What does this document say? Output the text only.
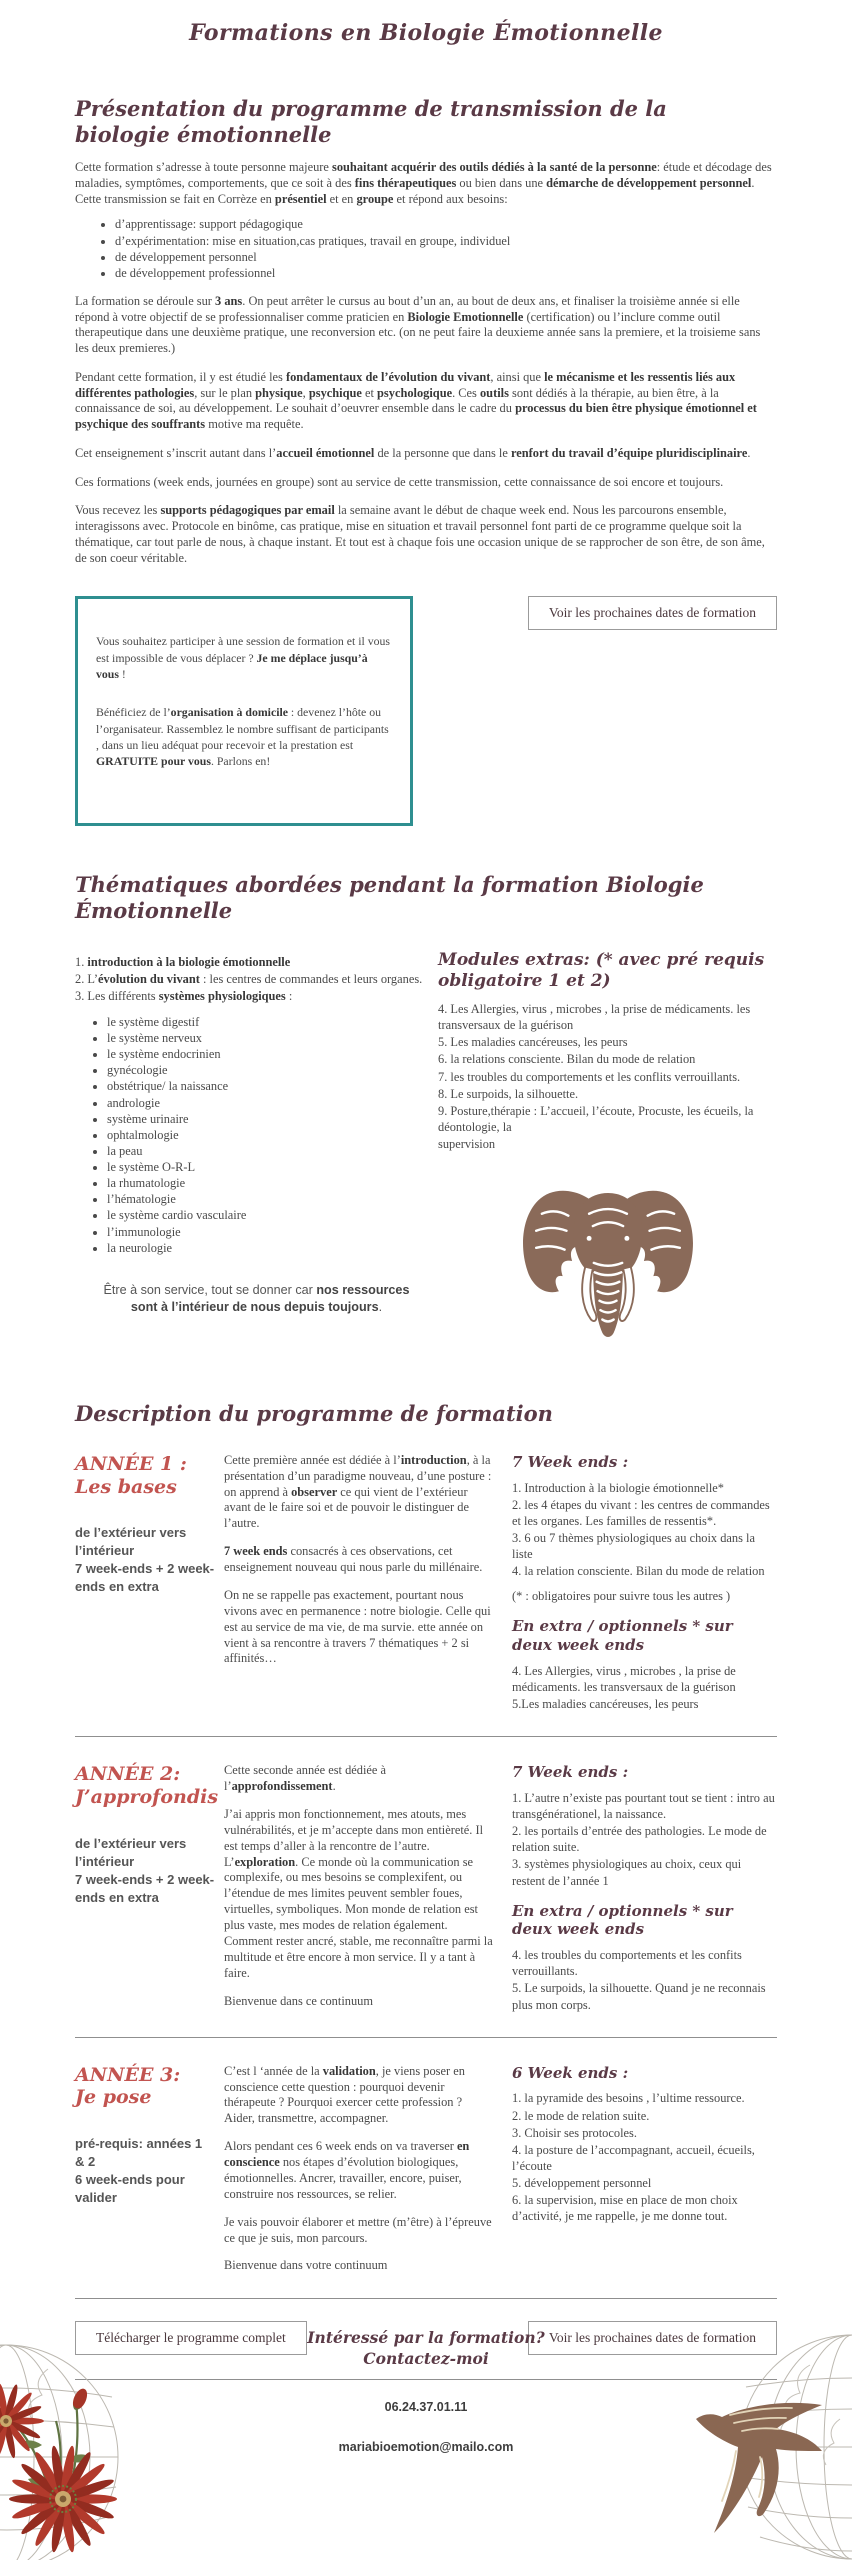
Formations en Biologie Émotionnelle
Présentation du programme de transmission de la biologie émotionnelle

Cette formation s’adresse à toute personne majeure souhaitant acquérir des outils dédiés à la santé de la personne: étude et décodage des maladies, symptômes, comportements, que ce soit à des fins thérapeutiques ou bien dans une démarche de développement personnel. Cette transmission se fait en Corrèze en présentiel et en groupe et répond aux besoins:

• d’apprentissage: support pédagogique
• d’expérimentation: mise en situation,cas pratiques, travail en groupe, individuel
• de développement personnel
• de développement professionnel

La formation se déroule sur 3 ans. On peut arrêter le cursus au bout d’un an, au bout de deux ans, et finaliser la troisième année si elle répond à votre objectif de se professionnaliser comme praticien en Biologie Emotionnelle (certification) ou l’inclure comme outil therapeutique dans une deuxième pratique, une reconversion etc. (on ne peut faire la deuxieme année sans la premiere, et la troisieme sans les deux premieres.)

Pendant cette formation, il y est étudié les fondamentaux de l’évolution du vivant, ainsi que le mécanisme et les ressentis liés aux différentes pathologies, sur le plan physique, psychique et psychologique. Ces outils sont dédiés à la thérapie, au bien être, à la connaissance de soi, au développement. Le souhait d’oeuvrer ensemble dans le cadre du processus du bien être physique émotionnel et psychique des souffrants motive ma requête.

Cet enseignement s’inscrit autant dans l’accueil émotionnel de la personne que dans le renfort du travail d’équipe pluridisciplinaire.

Ces formations (week ends, journées en groupe) sont au service de cette transmission, cette connaissance de soi encore et toujours.

Vous recevez les supports pédagogiques par email la semaine avant le début de chaque week end. Nous les parcourons ensemble, interagissons avec. Protocole en binôme, cas pratique, mise en situation et travail personnel font parti de ce programme quelque soit la thématique, car tout parle de nous, à chaque instant. Et tout est à chaque fois une occasion unique de se rapprocher de son être, de son âme, de son coeur véritable.

Vous souhaitez participer à une session de formation et il vous est impossible de vous déplacer ? Je me déplace jusqu’à vous !

Bénéficiez de l’organisation à domicile : devenez l’hôte ou l’organisateur. Rassemblez le nombre suffisant de participants , dans un lieu adéquat pour recevoir et la prestation est GRATUITE pour vous. Parlons en!

Voir les prochaines dates de formation
Thématiques abordées pendant la formation Biologie Émotionnelle
1. introduction à la biologie émotionnelle
2. L’évolution du vivant : les centres de commandes et leurs organes.
3. Les différents systèmes physiologiques :
• le système digestif
• le système nerveux
• le système endocrinien
• gynécologie
• obstétrique/ la naissance
• andrologie
• système urinaire
• ophtalmologie
• la peau
• le système O-R-L
• la rhumatologie
• l’hématologie
• le système cardio vasculaire
• l’immunologie
• la neurologie

Être à son service, tout se donner car nos ressources sont à l’intérieur de nous depuis toujours.

Modules extras: (* avec pré requis obligatoire 1 et 2)
4. Les Allergies, virus , microbes , la prise de médicaments. les transversaux de la guérison
5. Les maladies cancéreuses, les peurs
6. la relations consciente. Bilan du mode de relation
7. les troubles du comportements et les conflits verrouillants.
8. Le surpoids, la silhouette.
9. Posture,thérapie : L’accueil, l’écoute, Procuste, les écueils, la déontologie, la
supervision
Description du programme de formation
ANNÉE 1 :
Les bases
de l’extérieur vers l’intérieur
7 week-ends + 2 week-ends en extra

Cette première année est dédiée à l’introduction, à la présentation d’un paradigme nouveau, d’une posture : on apprend à observer ce qui vient de l’extérieur avant de le faire soi et de pouvoir le distinguer de l’autre.

7 week ends consacrés à ces observations, cet enseignement nouveau qui nous parle du millénaire.

On ne se rappelle pas exactement, pourtant nous vivons avec en permanence : notre biologie. Celle qui est au service de ma vie, de ma survie. ette année on vient à sa rencontre à travers 7 thématiques + 2 si affinités…

7 Week ends :
1. Introduction à la biologie émotionnelle*
2. les 4 étapes du vivant : les centres de commandes et les organes. Les familles de ressentis*.
3. 6 ou 7 thèmes physiologiques au choix dans la liste
4. la relation consciente. Bilan du mode de relation

(* : obligatoires pour suivre tous les autres )

En extra / optionnels * sur deux week ends
4. Les Allergies, virus , microbes , la prise de médicaments. les transversaux de la guérison
5.Les maladies cancéreuses, les peurs
ANNÉE 2:
J’approfondis
de l’extérieur vers l’intérieur
7 week-ends + 2 week-ends en extra

Cette seconde année est dédiée à l’approfondissement.

J’ai appris mon fonctionnement, mes atouts, mes vulnérabilités, et je m’accepte dans mon entièreté. Il est temps d’aller à la rencontre de l’autre. L’exploration. Ce monde où la communication se complexife, ou mes besoins se complexifent, ou l’étendue de mes limites peuvent sembler foues, virtuelles, symboliques. Mon monde de relation est plus vaste, mes modes de relation également. Comment rester ancré, stable, me reconnaître parmi la multitude et être encore à mon service. Il y a tant à faire.

Bienvenue dans ce continuum

7 Week ends :
1. L’autre n’existe pas pourtant tout se tient : intro au transgénérationel, la naissance.
2. les portails d’entrée des pathologies. Le mode de relation suite.
3. systèmes physiologiques au choix, ceux qui restent de l’année 1
En extra / optionnels * sur deux week ends
4. les troubles du comportements et les confits verrouillants.
5. Le surpoids, la silhouette. Quand je ne reconnais plus mon corps.
ANNÉE 3:
Je pose
pré-requis: années 1 & 2
6 week-ends pour valider

C’est l ‘année de la validation, je viens poser en conscience cette question : pourquoi devenir thérapeute ? Pourquoi exercer cette profession ? Aider, transmettre, accompagner.

Alors pendant ces 6 week ends on va traverser en conscience nos étapes d’évolution biologiques, émotionnelles. Ancrer, travailler, encore, puiser, construire nos ressources, se relier.

Je vais pouvoir élaborer et mettre (m’être) à l’épreuve ce que je suis, mon parcours.

Bienvenue dans votre continuum

6 Week ends :
1. la pyramide des besoins , l’ultime ressource.
2. le mode de relation suite.
3. Choisir ses protocoles.
4. la posture de l’accompagnant, accueil, écueils, l’écoute
5. développement personnel
6. la supervision, mise en place de mon choix d’activité, je me rappelle, je me donne tout.
Télécharger le programme complet	Voir les prochaines dates de formation
Intéressé par la formation?
Contactez-moi
06.24.37.01.11
mariabioemotion@mailo.com
